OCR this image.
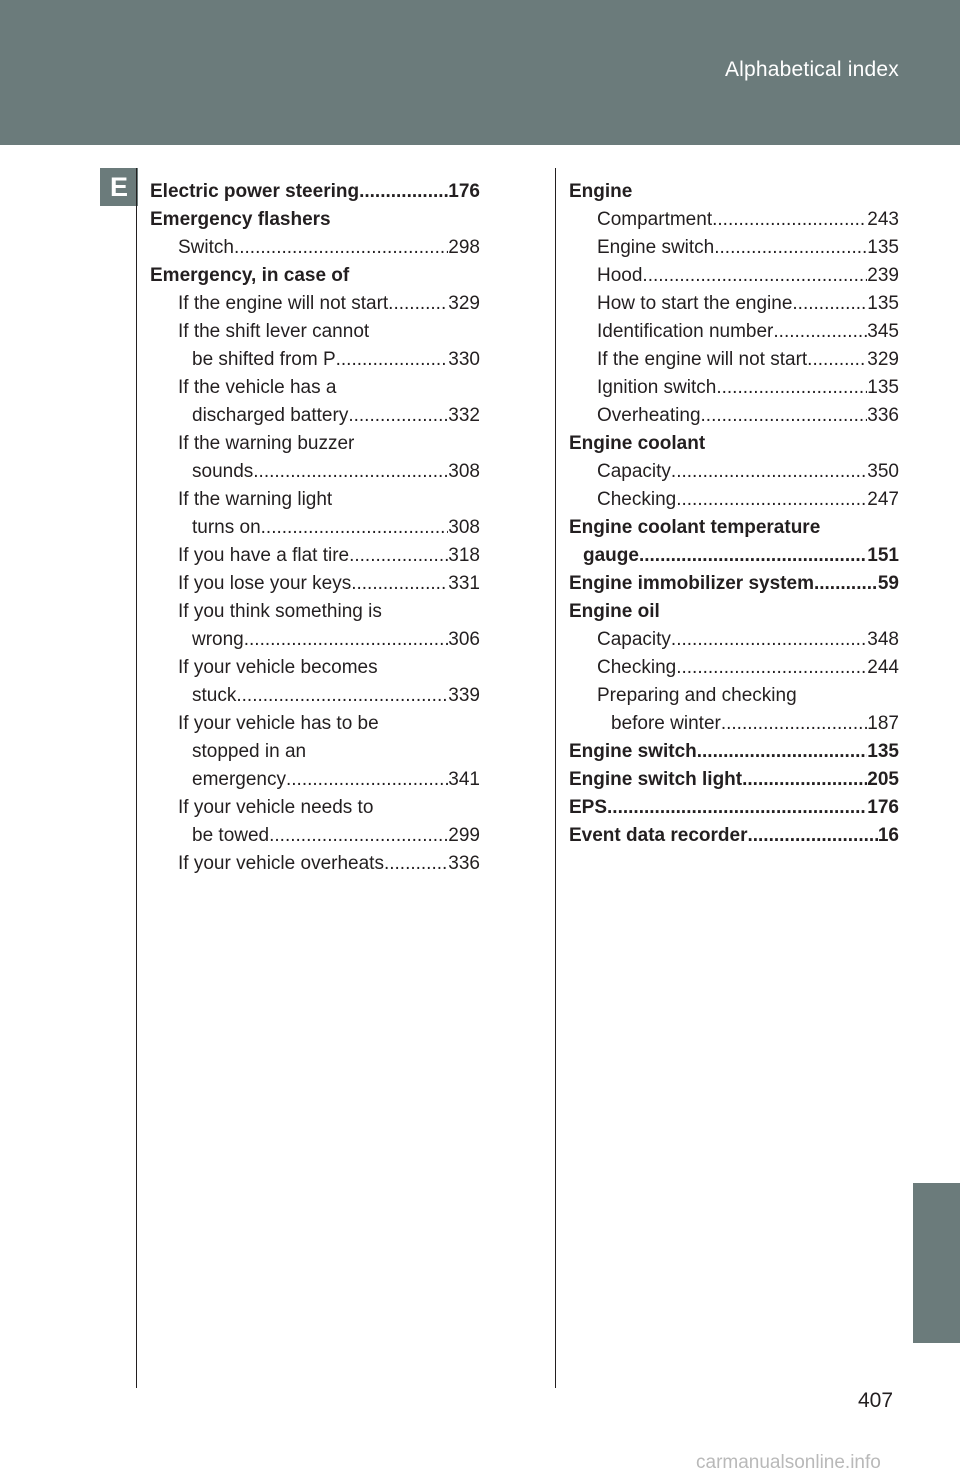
Alphabetical index
E	Electric power steering .....	176
Emergency flashers
Switch .....	298
Emergency, in case of
If the engine will not start .....	329
If the shift lever cannot
be shifted from P .....	330
If the vehicle has a
discharged battery .....	332
If the warning buzzer
sounds .....	308
If the warning light
turns on .....	308
If you have a flat tire .....	318
If you lose your keys .....	331
If you think something is
wrong .....	306
If your vehicle becomes
stuck .....	339
If your vehicle has to be
stopped in an
emergency .....	341
If your vehicle needs to
be towed .....	299
If your vehicle overheats .....	336
Engine
Compartment .....	243
Engine switch .....	135
Hood .....	239
How to start the engine .....	135
Identification number .....	345
If the engine will not start .....	329
Ignition switch .....	135
Overheating .....	336
Engine coolant
Capacity .....	350
Checking .....	247
Engine coolant temperature
gauge .....	151
Engine immobilizer system .....	59
Engine oil
Capacity .....	348
Checking .....	244
Preparing and checking
before winter .....	187
Engine switch .....	135
Engine switch light .....	205
EPS .....	176
Event data recorder .....	16
407
carmanualsonline.info
